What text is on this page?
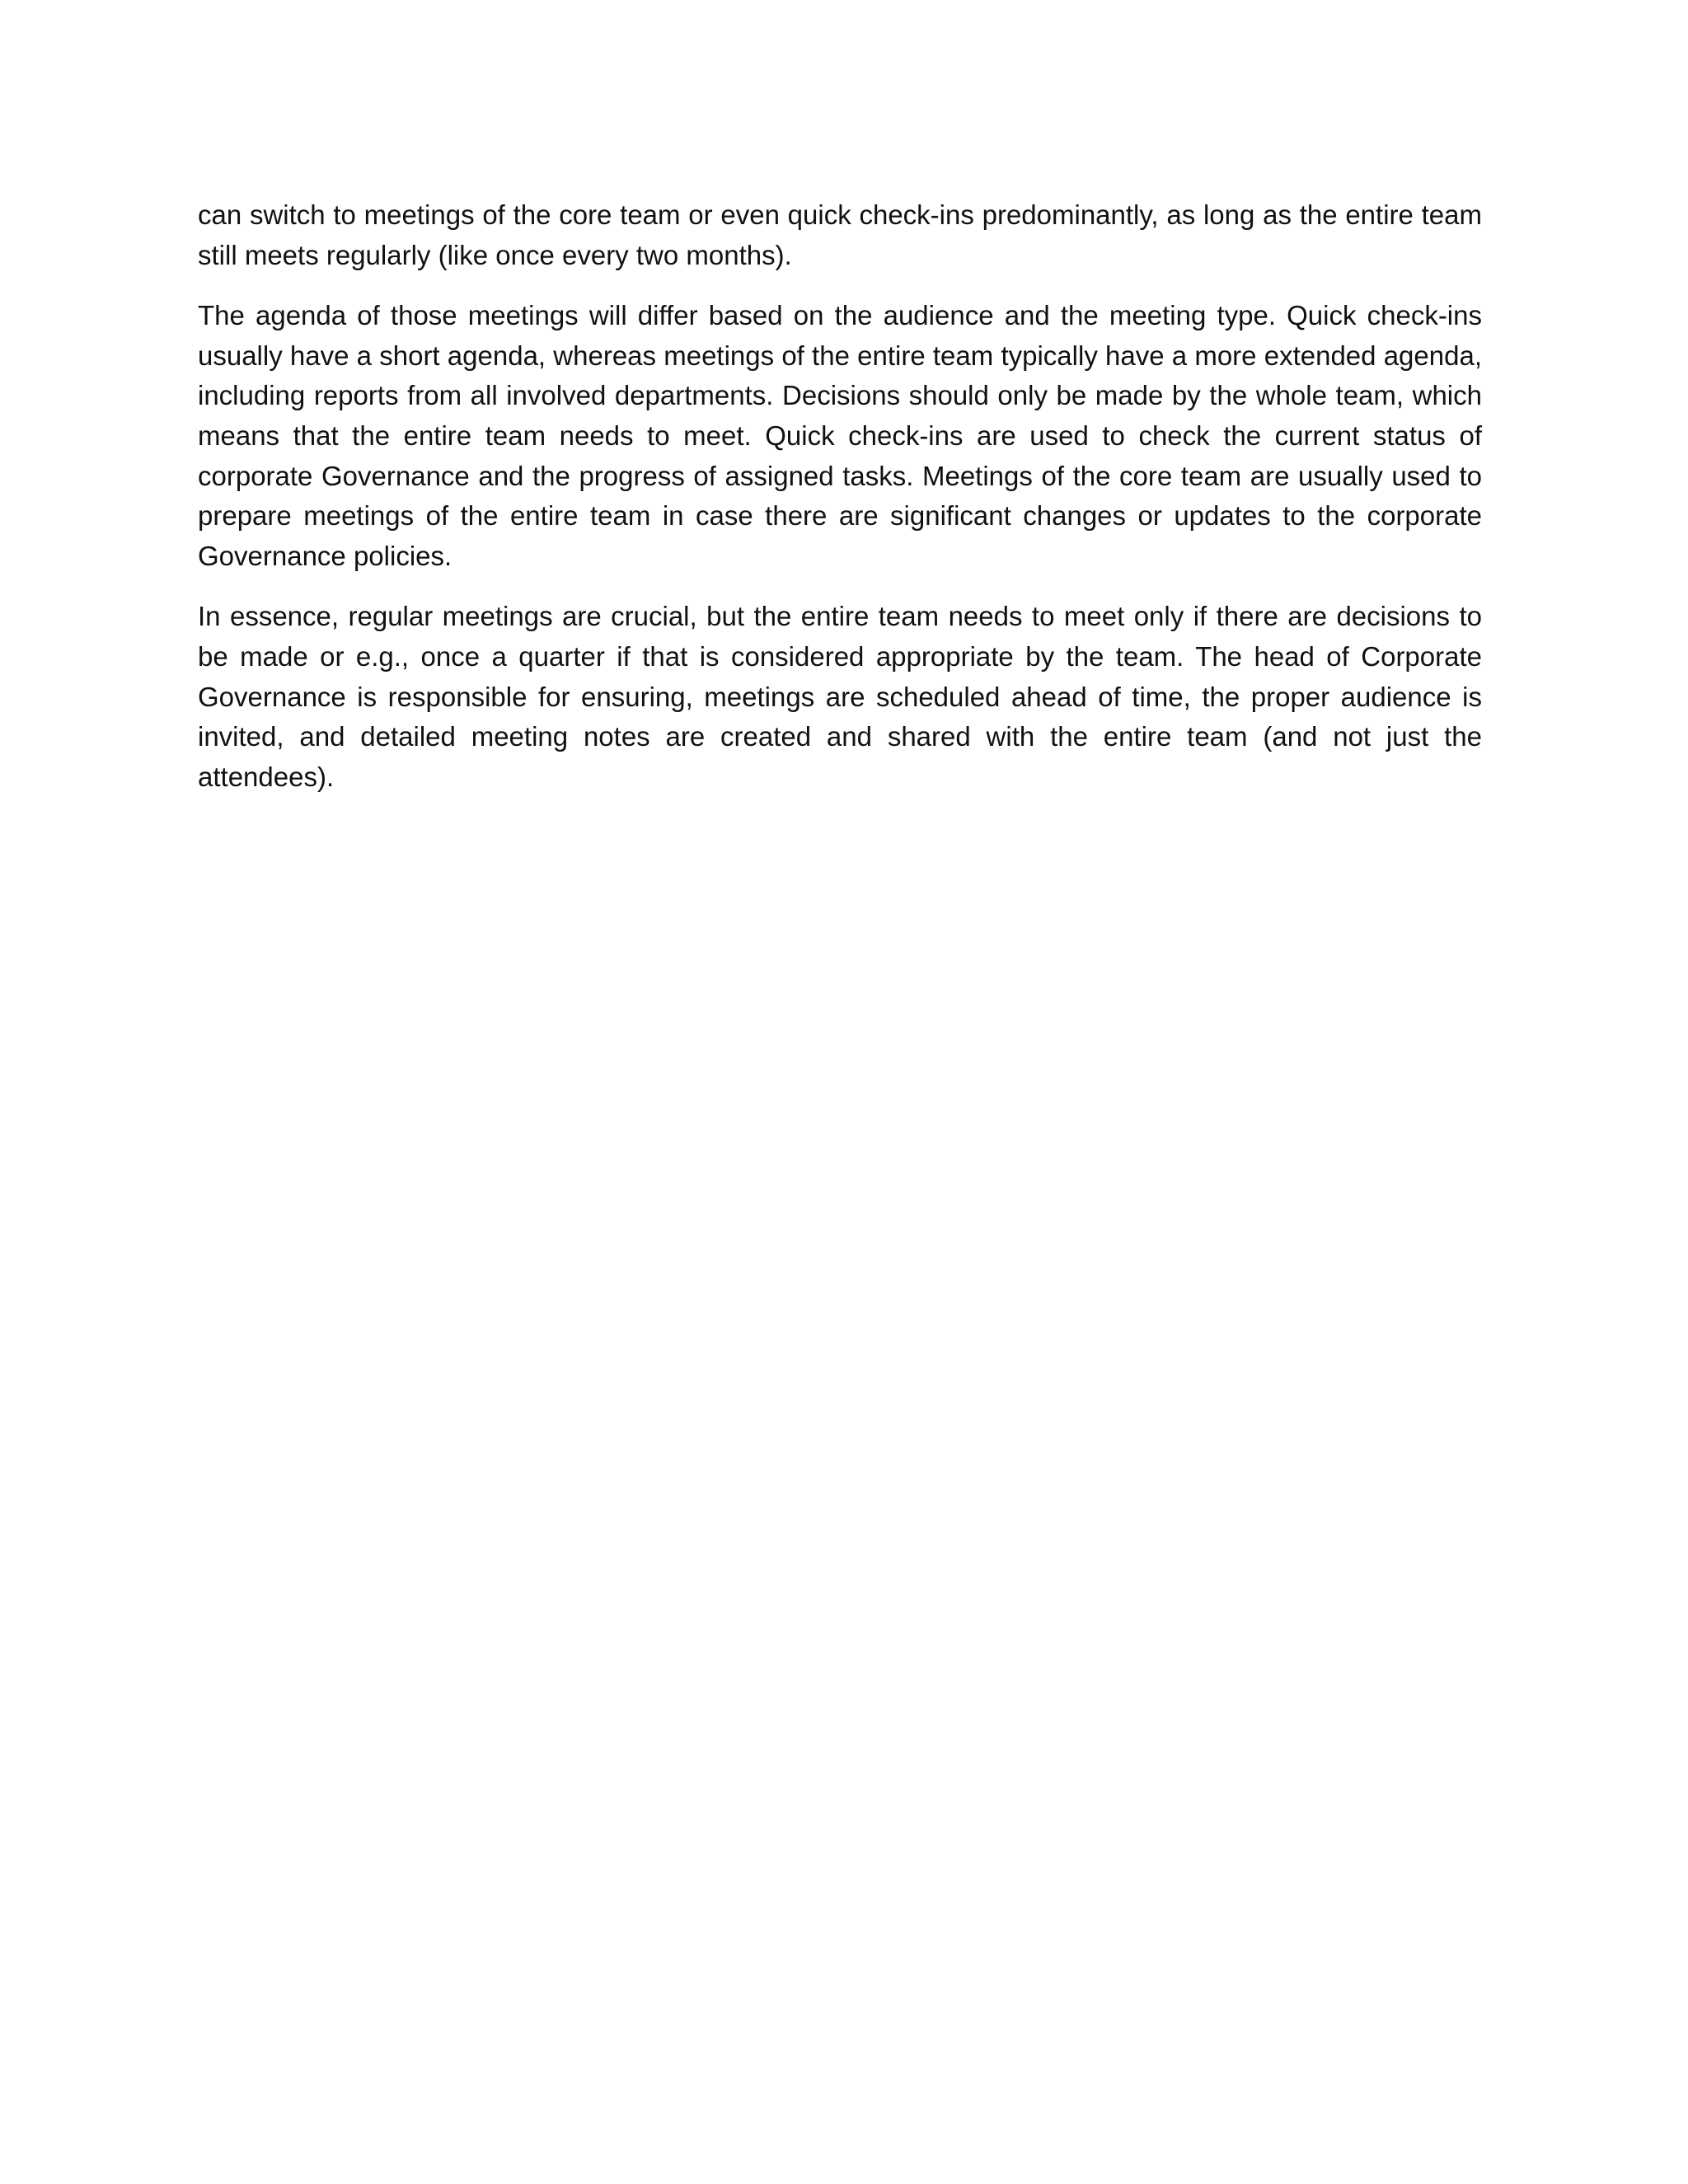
can switch to meetings of the core team or even quick check-ins predominantly, as long as the entire team still meets regularly (like once every two months).

The agenda of those meetings will differ based on the audience and the meeting type. Quick check-ins usually have a short agenda, whereas meetings of the entire team typically have a more extended agenda, including reports from all involved departments. Decisions should only be made by the whole team, which means that the entire team needs to meet. Quick check-ins are used to check the current status of corporate Governance and the progress of assigned tasks. Meetings of the core team are usually used to prepare meetings of the entire team in case there are significant changes or updates to the corporate Governance policies.

In essence, regular meetings are crucial, but the entire team needs to meet only if there are decisions to be made or e.g., once a quarter if that is considered appropriate by the team. The head of Corporate Governance is responsible for ensuring, meetings are scheduled ahead of time, the proper audience is invited, and detailed meeting notes are created and shared with the entire team (and not just the attendees).
